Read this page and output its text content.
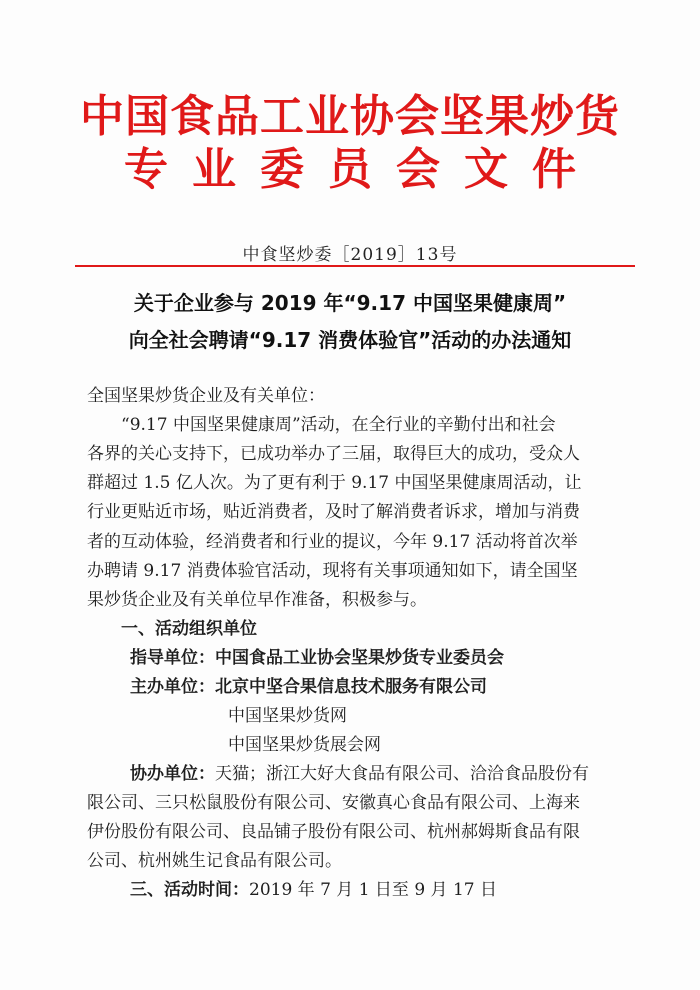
中国食品工业协会坚果炒货
专业委员会文件
中食坚炒委［2019］13号
关于企业参与 2019 年“9.17 中国坚果健康周”
向全社会聘请“9.17 消费体验官”活动的办法通知
全国坚果炒货企业及有关单位：
“9.17 中国坚果健康周”活动，在全行业的辛勤付出和社会
各界的关心支持下，已成功举办了三届，取得巨大的成功，受众人
群超过 1.5 亿人次。为了更有利于 9.17 中国坚果健康周活动，让
行业更贴近市场，贴近消费者，及时了解消费者诉求，增加与消费
者的互动体验，经消费者和行业的提议，今年 9.17 活动将首次举
办聘请 9.17 消费体验官活动，现将有关事项通知如下，请全国坚
果炒货企业及有关单位早作准备，积极参与。
一、活动组织单位
指导单位：中国食品工业协会坚果炒货专业委员会
主办单位：北京中坚合果信息技术服务有限公司
中国坚果炒货网
中国坚果炒货展会网
协办单位：天猫；浙江大好大食品有限公司、洽洽食品股份有
限公司、三只松鼠股份有限公司、安徽真心食品有限公司、上海来
伊份股份有限公司、良品铺子股份有限公司、杭州郝姆斯食品有限
公司、杭州姚生记食品有限公司。
三、活动时间：2019 年 7 月 1 日至 9 月 17 日
